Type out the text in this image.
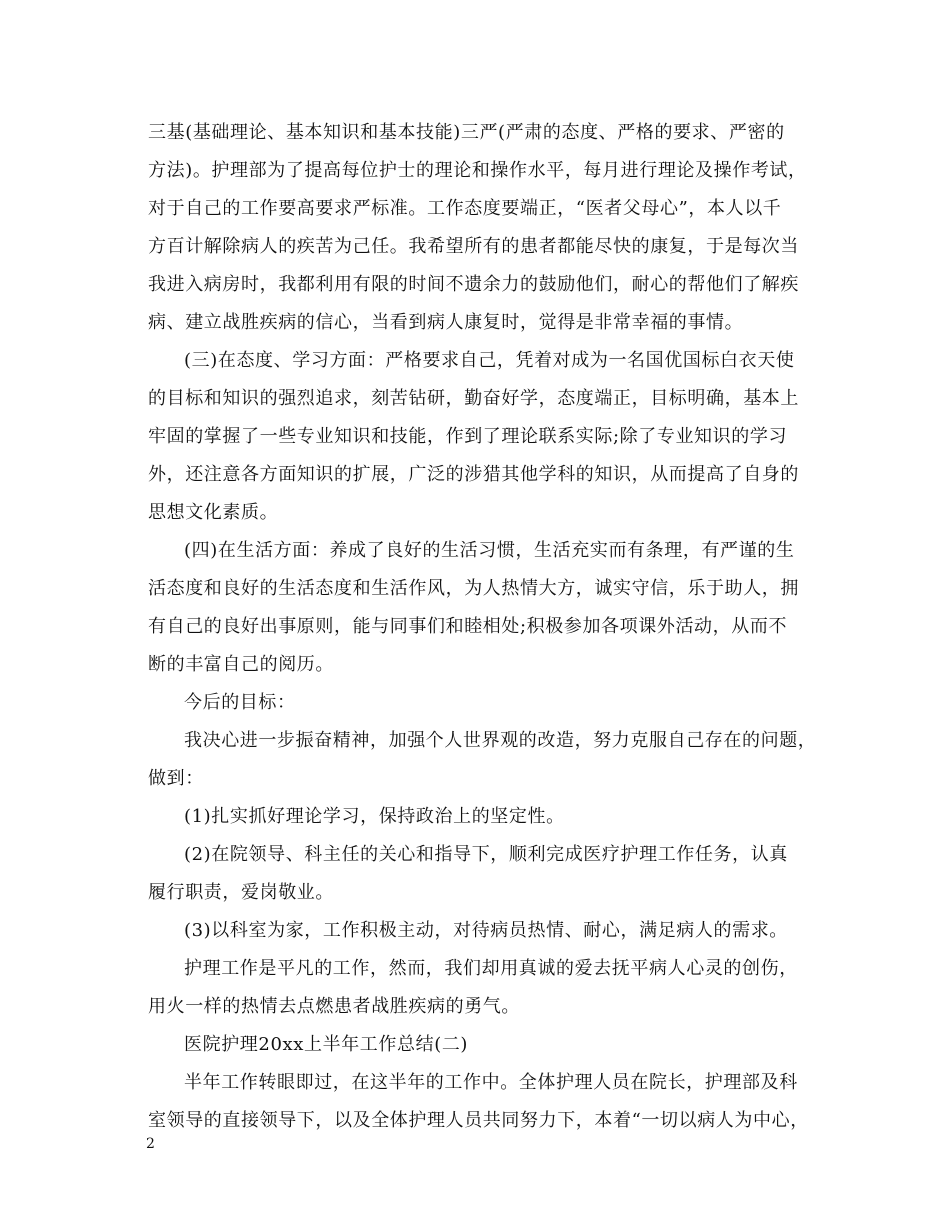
三基(基础理论、基本知识和基本技能)三严(严肃的态度、严格的要求、严密的
方法)。护理部为了提高每位护士的理论和操作水平，每月进行理论及操作考试，
对于自己的工作要高要求严标准。工作态度要端正，“医者父母心”，本人以千
方百计解除病人的疾苦为己任。我希望所有的患者都能尽快的康复，于是每次当
我进入病房时，我都利用有限的时间不遗余力的鼓励他们，耐心的帮他们了解疾
病、建立战胜疾病的信心，当看到病人康复时，觉得是非常幸福的事情。
(三)在态度、学习方面：严格要求自己，凭着对成为一名国优国标白衣天使
的目标和知识的强烈追求，刻苦钻研，勤奋好学，态度端正，目标明确，基本上
牢固的掌握了一些专业知识和技能，作到了理论联系实际;除了专业知识的学习
外，还注意各方面知识的扩展，广泛的涉猎其他学科的知识，从而提高了自身的
思想文化素质。
(四)在生活方面：养成了良好的生活习惯，生活充实而有条理，有严谨的生
活态度和良好的生活态度和生活作风，为人热情大方，诚实守信，乐于助人，拥
有自己的良好出事原则，能与同事们和睦相处;积极参加各项课外活动，从而不
断的丰富自己的阅历。
今后的目标：
我决心进一步振奋精神，加强个人世界观的改造，努力克服自己存在的问题，
做到：
(1)扎实抓好理论学习，保持政治上的坚定性。
(2)在院领导、科主任的关心和指导下，顺利完成医疗护理工作任务，认真
履行职责，爱岗敬业。
(3)以科室为家，工作积极主动，对待病员热情、耐心，满足病人的需求。
护理工作是平凡的工作，然而，我们却用真诚的爱去抚平病人心灵的创伤，
用火一样的热情去点燃患者战胜疾病的勇气。
医院护理20xx上半年工作总结(二)
半年工作转眼即过，在这半年的工作中。全体护理人员在院长，护理部及科
室领导的直接领导下，以及全体护理人员共同努力下，本着“一切以病人为中心，
2
